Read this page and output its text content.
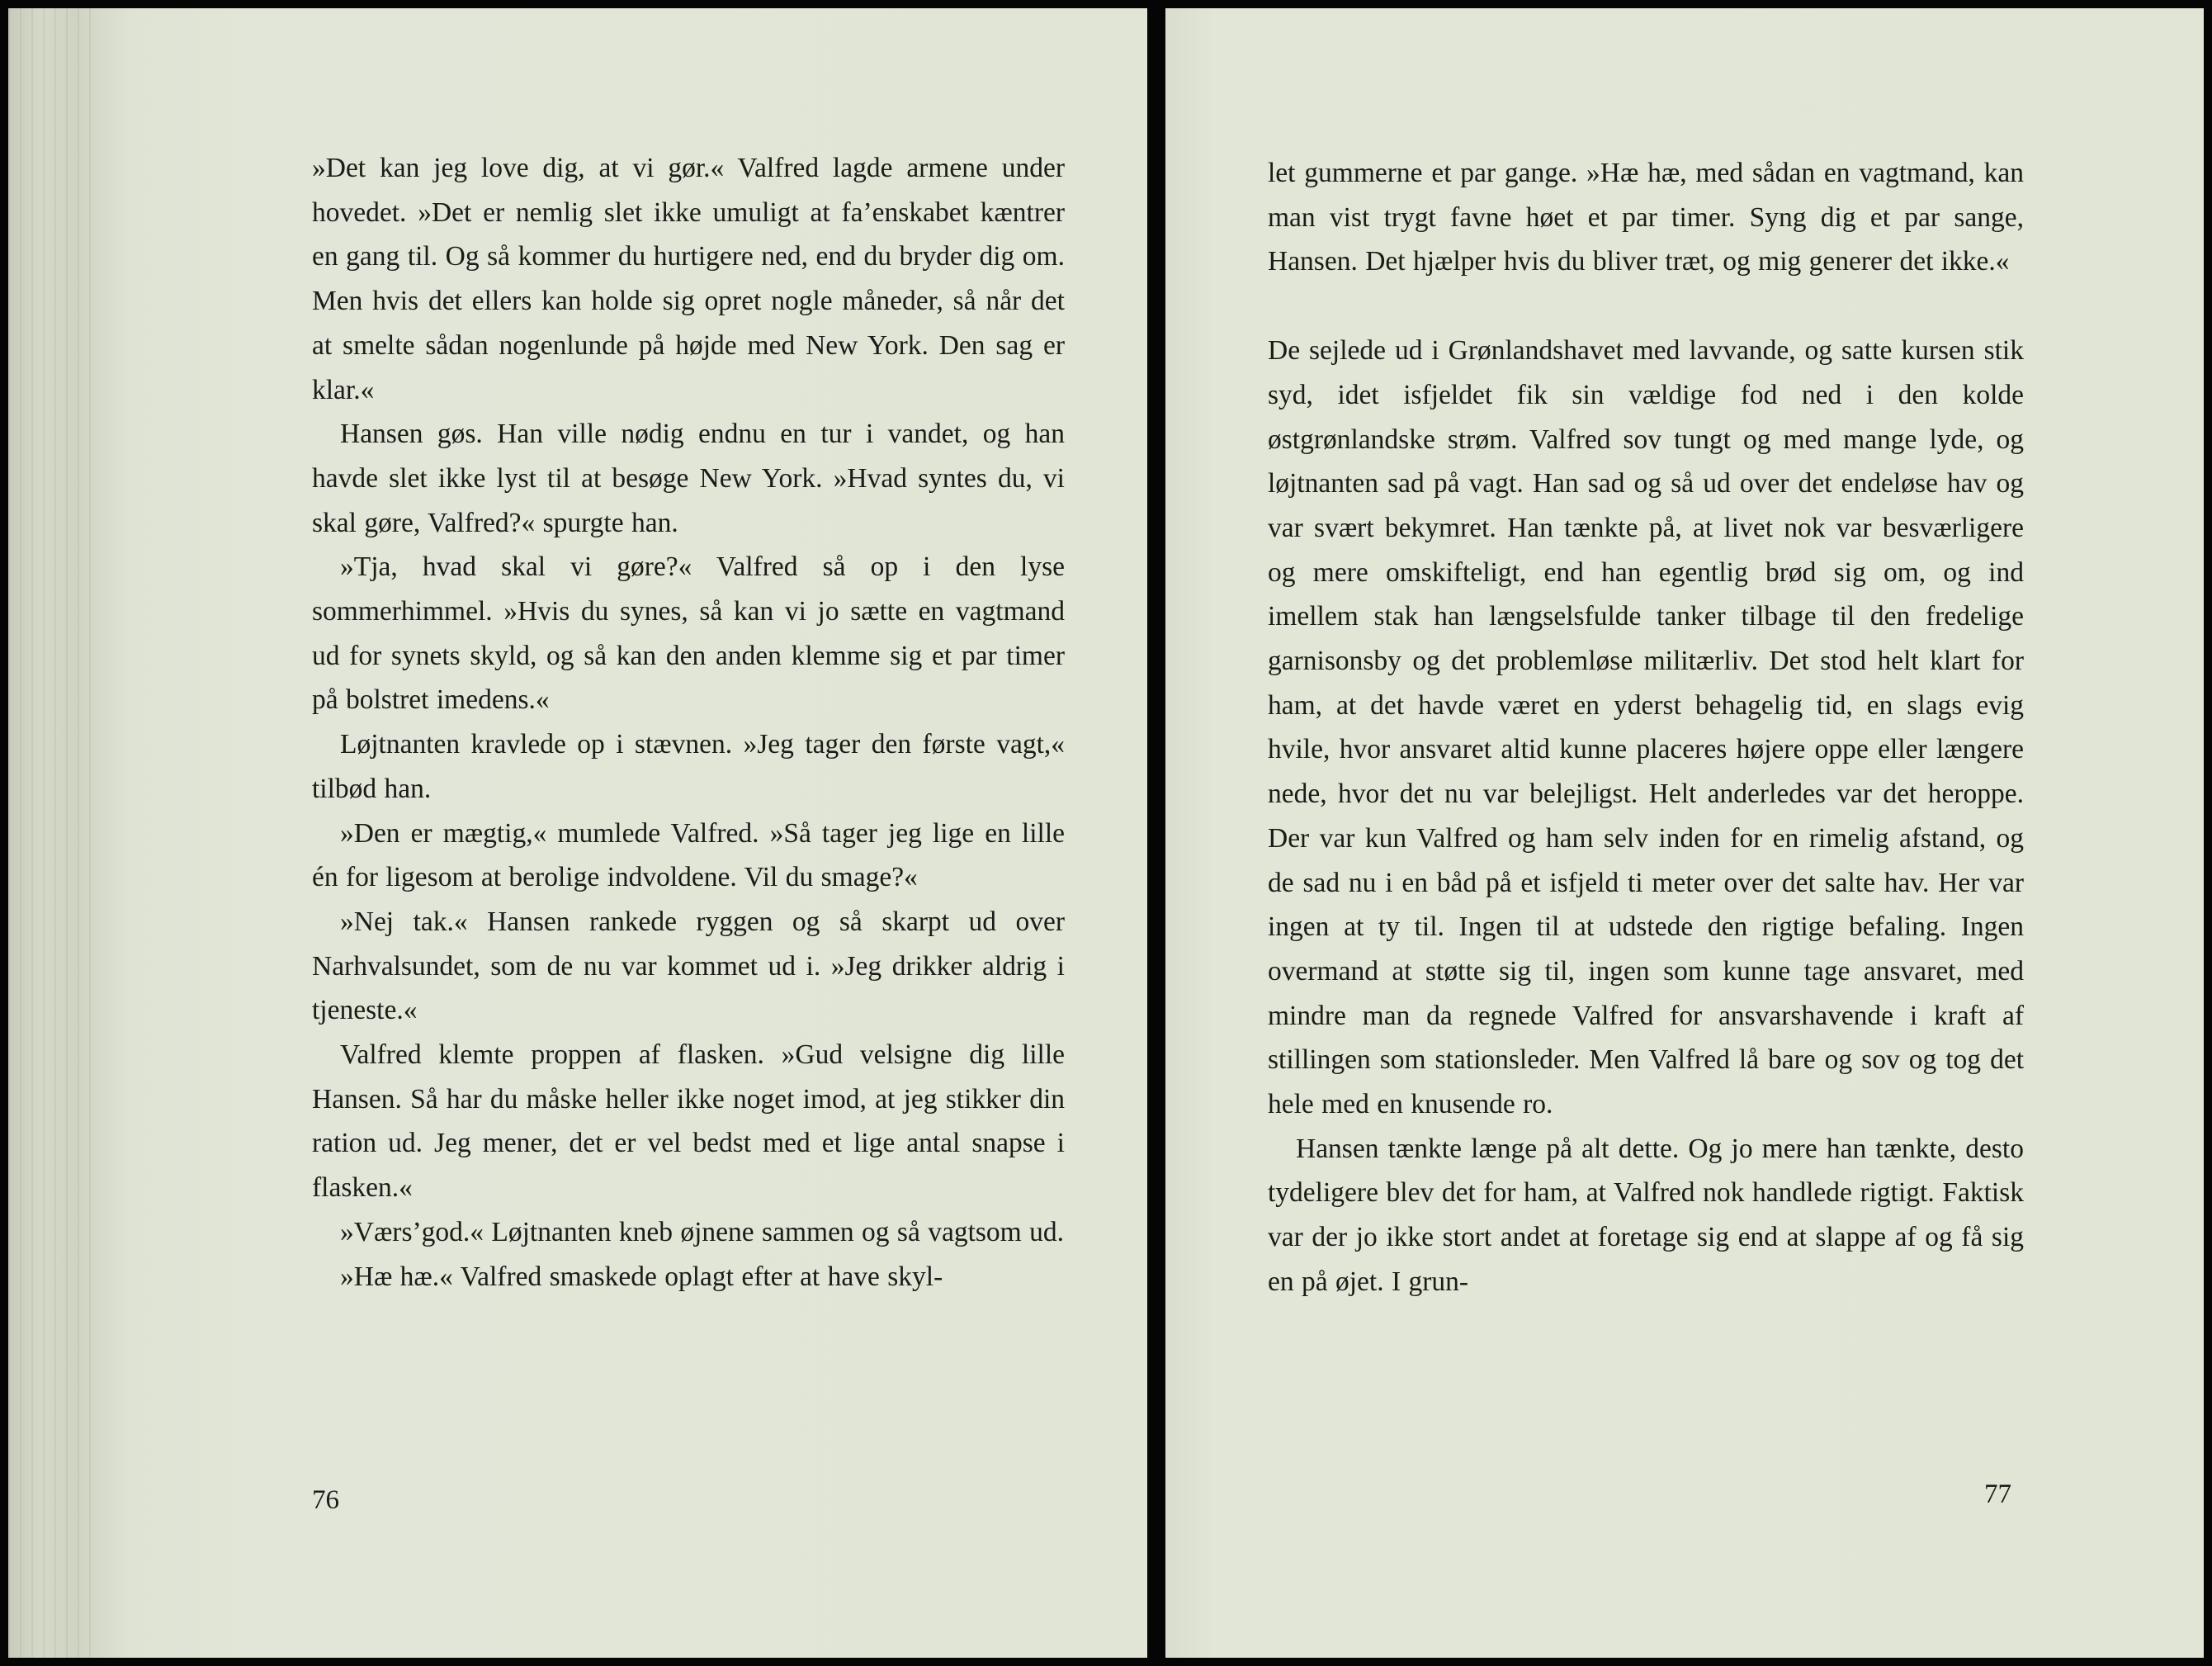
»Det kan jeg love dig, at vi gør.« Valfred lagde armene under hovedet. »Det er nemlig slet ikke umuligt at fa’enskabet kæntrer en gang til. Og så kommer du hurtigere ned, end du bryder dig om. Men hvis det ellers kan holde sig opret nogle måneder, så når det at smelte sådan nogenlunde på højde med New York. Den sag er klar.«

Hansen gøs. Han ville nødig endnu en tur i vandet, og han havde slet ikke lyst til at besøge New York. »Hvad syntes du, vi skal gøre, Valfred?« spurgte han.

»Tja, hvad skal vi gøre?« Valfred så op i den lyse sommerhimmel. »Hvis du synes, så kan vi jo sætte en vagtmand ud for synets skyld, og så kan den anden klemme sig et par timer på bolstret imedens.«

Løjtnanten kravlede op i stævnen. »Jeg tager den første vagt,« tilbød han.

»Den er mægtig,« mumlede Valfred. »Så tager jeg lige en lille én for ligesom at berolige indvoldene. Vil du smage?«

»Nej tak.« Hansen rankede ryggen og så skarpt ud over Narhvalsundet, som de nu var kommet ud i. »Jeg drikker aldrig i tjeneste.«

Valfred klemte proppen af flasken. »Gud velsigne dig lille Hansen. Så har du måske heller ikke noget imod, at jeg stikker din ration ud. Jeg mener, det er vel bedst med et lige antal snapse i flasken.«

»Værs’god.« Løjtnanten kneb øjnene sammen og så vagtsom ud.

»Hæ hæ.« Valfred smaskede oplagt efter at have skyl-

76

let gummerne et par gange. »Hæ hæ, med sådan en vagtmand, kan man vist trygt favne høet et par timer. Syng dig et par sange, Hansen. Det hjælper hvis du bliver træt, og mig generer det ikke.«

De sejlede ud i Grønlandshavet med lavvande, og satte kursen stik syd, idet isfjeldet fik sin vældige fod ned i den kolde østgrønlandske strøm. Valfred sov tungt og med mange lyde, og løjtnanten sad på vagt. Han sad og så ud over det endeløse hav og var svært bekymret. Han tænkte på, at livet nok var besværligere og mere omskifteligt, end han egentlig brød sig om, og ind imellem stak han længselsfulde tanker tilbage til den fredelige garnisonsby og det problemløse militærliv. Det stod helt klart for ham, at det havde været en yderst behagelig tid, en slags evig hvile, hvor ansvaret altid kunne placeres højere oppe eller længere nede, hvor det nu var belejligst. Helt anderledes var det heroppe. Der var kun Valfred og ham selv inden for en rimelig afstand, og de sad nu i en båd på et isfjeld ti meter over det salte hav. Her var ingen at ty til. Ingen til at udstede den rigtige befaling. Ingen overmand at støtte sig til, ingen som kunne tage ansvaret, med mindre man da regnede Valfred for ansvarshavende i kraft af stillingen som stationsleder. Men Valfred lå bare og sov og tog det hele med en knusende ro.

Hansen tænkte længe på alt dette. Og jo mere han tænkte, desto tydeligere blev det for ham, at Valfred nok handlede rigtigt. Faktisk var der jo ikke stort andet at foretage sig end at slappe af og få sig en på øjet. I grun-

77
